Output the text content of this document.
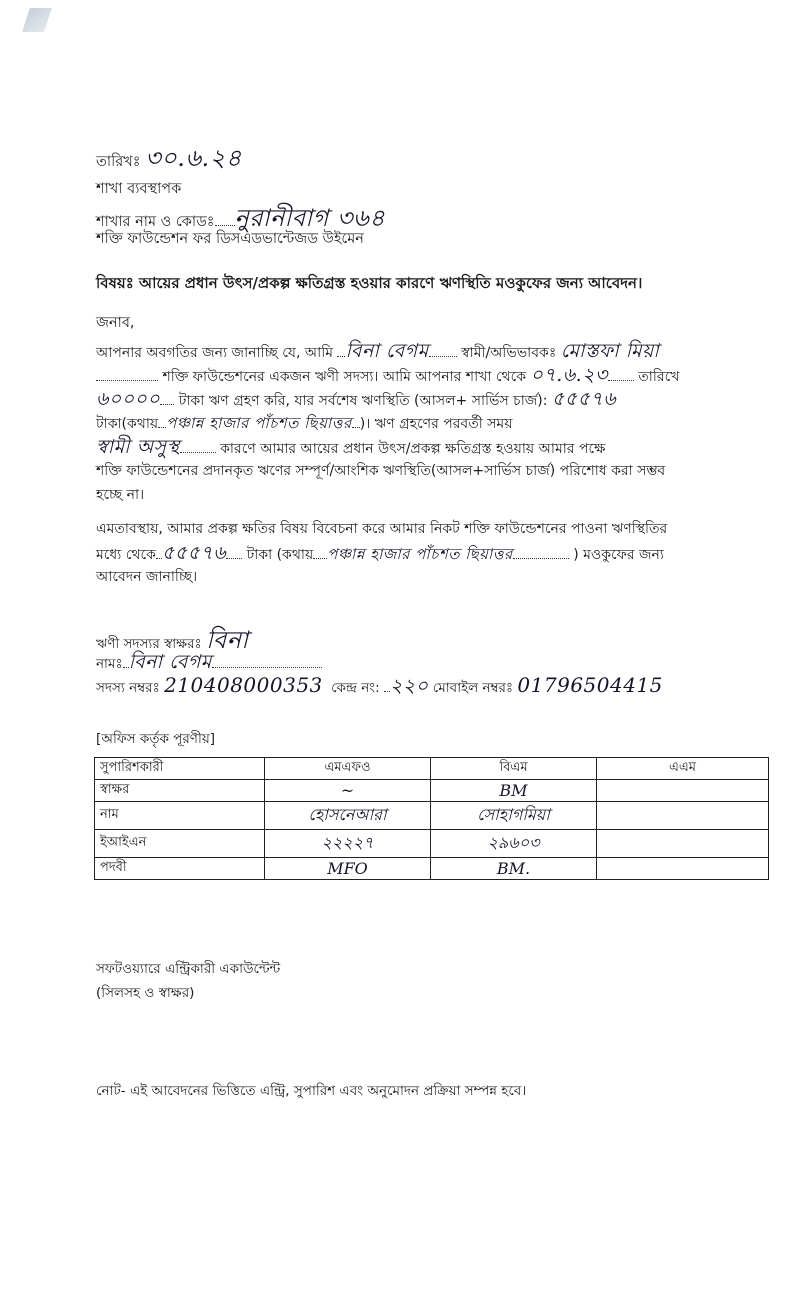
তারিখঃ ৩০.৬.২৪
শাখা ব্যবস্থাপক
শাখার নাম ও কোডঃ নুরানীবাগ ৩৬৪
শক্তি ফাউন্ডেশন ফর ডিসএডভান্টেজড উইমেন
বিষয়ঃ আয়ের প্রধান উৎস/প্রকল্প ক্ষতিগ্রস্ত হওয়ার কারণে ঋণস্থিতি মওকুফের জন্য আবেদন।
জনাব,
আপনার অবগতির জন্য জানাচ্ছি যে, আমি বিনা বেগম স্বামী/অভিভাবকঃ মোস্তফা মিয়া
শক্তি ফাউন্ডেশনের একজন ঋণী সদস্য। আমি আপনার শাখা থেকে ০৭.৬.২৩ তারিখে
৬০০০০ টাকা ঋণ গ্রহণ করি, যার সর্বশেষ ঋণস্থিতি (আসল+ সার্ভিস চার্জ): ৫৫৫৭৬
টাকা(কথায় পঞ্চান্ন হাজার পাঁচশত ছিয়াত্তর )। ঋণ গ্রহণের পরবর্তী সময়
স্বামী অসুস্থ	কারণে আমার আয়ের প্রধান উৎস/প্রকল্প ক্ষতিগ্রস্ত হওয়ায় আমার পক্ষে
শক্তি ফাউন্ডেশনের প্রদানকৃত ঋণের সম্পূর্ণ/আংশিক ঋণস্থিতি(আসল+সার্ভিস চার্জ) পরিশোধ করা সম্ভব
হচ্ছে না।
এমতাবস্থায়, আমার প্রকল্প ক্ষতির বিষয় বিবেচনা করে আমার নিকট শক্তি ফাউন্ডেশনের পাওনা ঋণস্থিতির
মধ্যে থেকে ৫৫৫৭৬ টাকা (কথায় পঞ্চান্ন হাজার পাঁচশত ছিয়াত্তর	) মওকুফের জন্য
আবেদন জানাচ্ছি।
ঋণী সদস্যর স্বাক্ষরঃ বিনা
নামঃ বিনা বেগম
সদস্য নম্বরঃ 210408000353 কেন্দ্র নং: ২২০ মোবাইল নম্বরঃ 01796504415
[অফিস কর্তৃক পূরণীয়]
সুপারিশকারী	এমএফও	বিএম	এএম
স্বাক্ষর	~	BM	
নাম	হোসনেআরা	সোহাগমিয়া	
ইআইএন	২২২২৭	২৯৬০৩	
পদবী	MFO	BM.	
সফটওয়্যারে এন্ট্রিকারী একাউন্টেন্ট
(সিলসহ ও স্বাক্ষর)
নোট- এই আবেদনের ভিত্তিতে এন্ট্রি, সুপারিশ এবং অনুমোদন প্রক্রিয়া সম্পন্ন হবে।
